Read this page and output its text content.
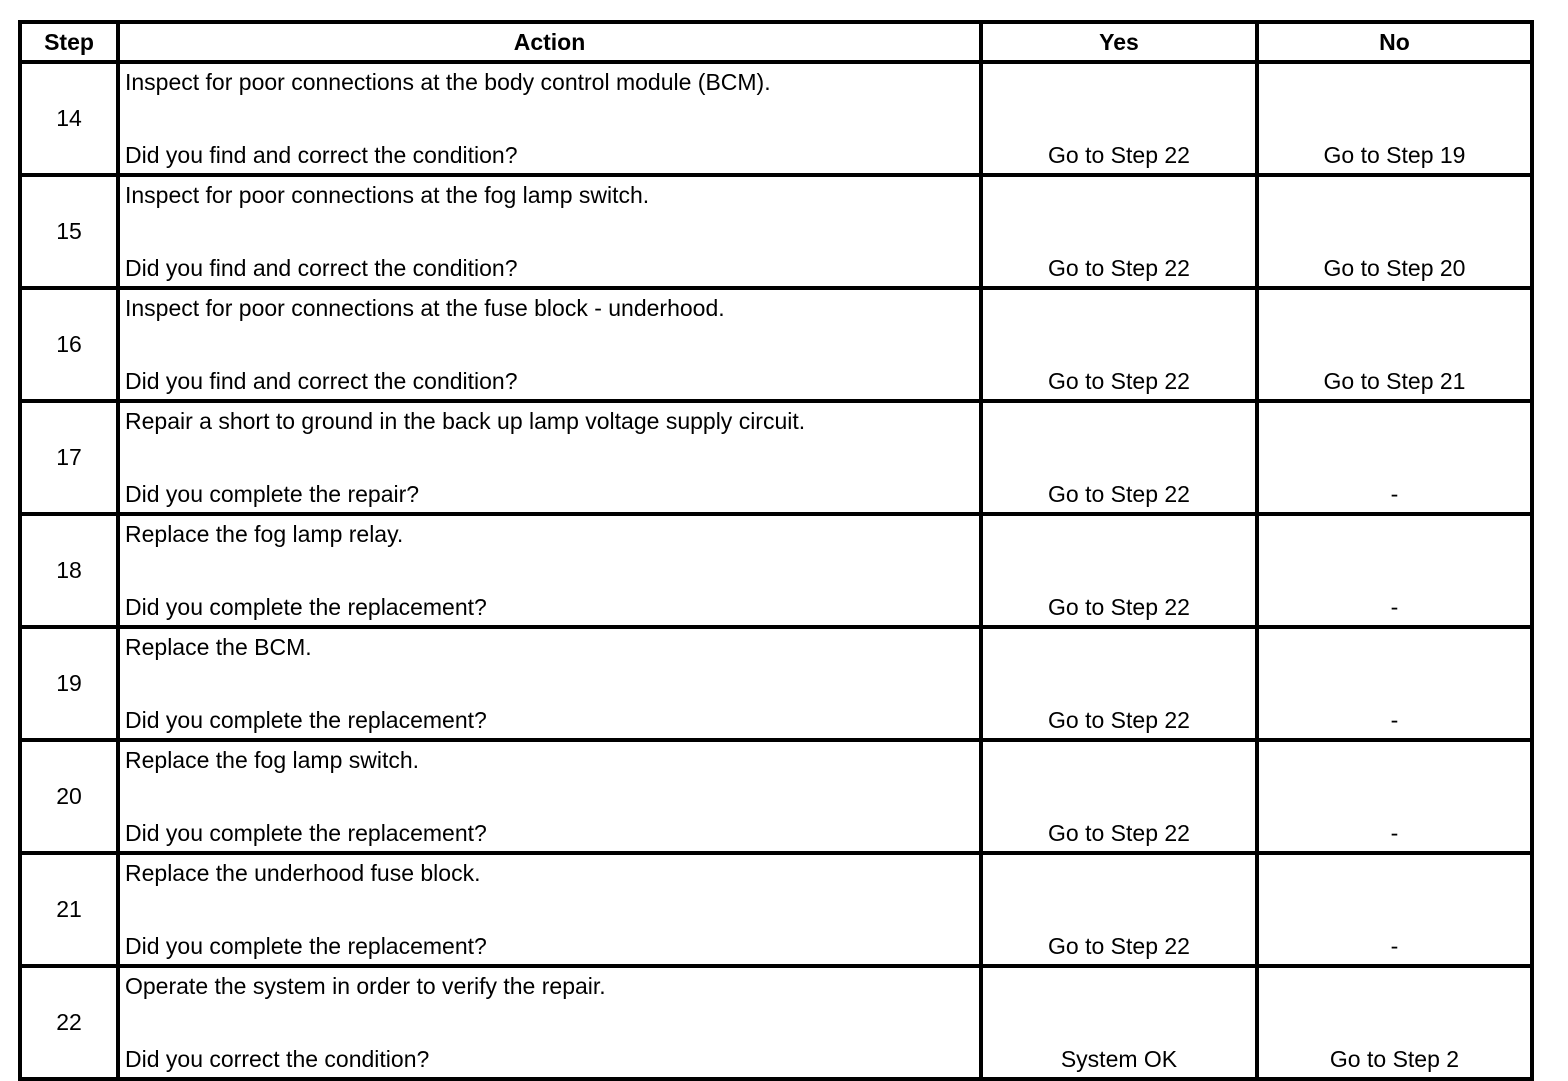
Step	Action	Yes	No
14	Inspect for poor connections at the body control module (BCM).
Did you find and correct the condition?	Go to Step 22	Go to Step 19
15	Inspect for poor connections at the fog lamp switch.
Did you find and correct the condition?	Go to Step 22	Go to Step 20
16	Inspect for poor connections at the fuse block - underhood.
Did you find and correct the condition?	Go to Step 22	Go to Step 21
17	Repair a short to ground in the back up lamp voltage supply circuit.
Did you complete the repair?	Go to Step 22	-
18	Replace the fog lamp relay.
Did you complete the replacement?	Go to Step 22	-
19	Replace the BCM.
Did you complete the replacement?	Go to Step 22	-
20	Replace the fog lamp switch.
Did you complete the replacement?	Go to Step 22	-
21	Replace the underhood fuse block.
Did you complete the replacement?	Go to Step 22	-
22	Operate the system in order to verify the repair.
Did you correct the condition?	System OK	Go to Step 2
